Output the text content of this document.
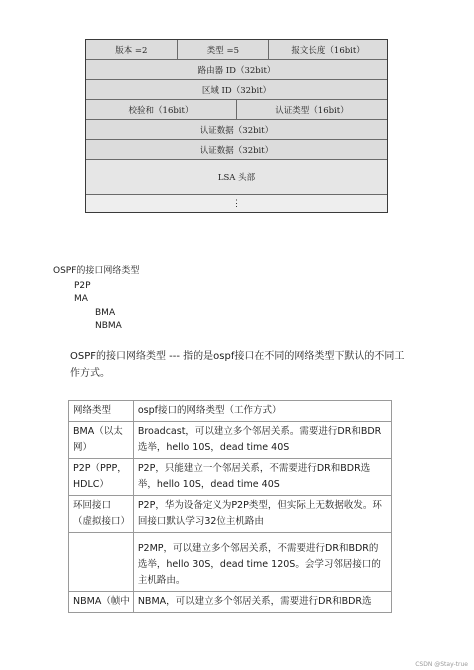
版本 =2	类型 =5	报文长度（16bit）
路由器 ID（32bit）
区域 ID（32bit）
校验和（16bit）	认证类型（16bit）
认证数据（32bit）
认证数据（32bit）
LSA 头部
⋮
OSPF的接口网络类型
P2P
MA
BMA
NBMA
OSPF的接口网络类型 --- 指的是ospf接口在不同的网络类型下默认的不同工作方式。
网络类型	ospf接口的网络类型（工作方式）
BMA（以太网）	Broadcast，可以建立多个邻居关系。需要进行DR和BDR选举，hello 10S，dead time 40S
P2P（PPP，HDLC）	P2P，只能建立一个邻居关系，不需要进行DR和BDR选举，hello 10S，dead time 40S
环回接口（虚拟接口）	P2P，华为设备定义为P2P类型，但实际上无数据收发。环回接口默认学习32位主机路由
	P2MP，可以建立多个邻居关系，不需要进行DR和BDR的选举，hello 30S，dead time 120S。会学习邻居接口的主机路由。
NBMA（帧中	NBMA，可以建立多个邻居关系，需要进行DR和BDR选
CSDN @Stay-true
